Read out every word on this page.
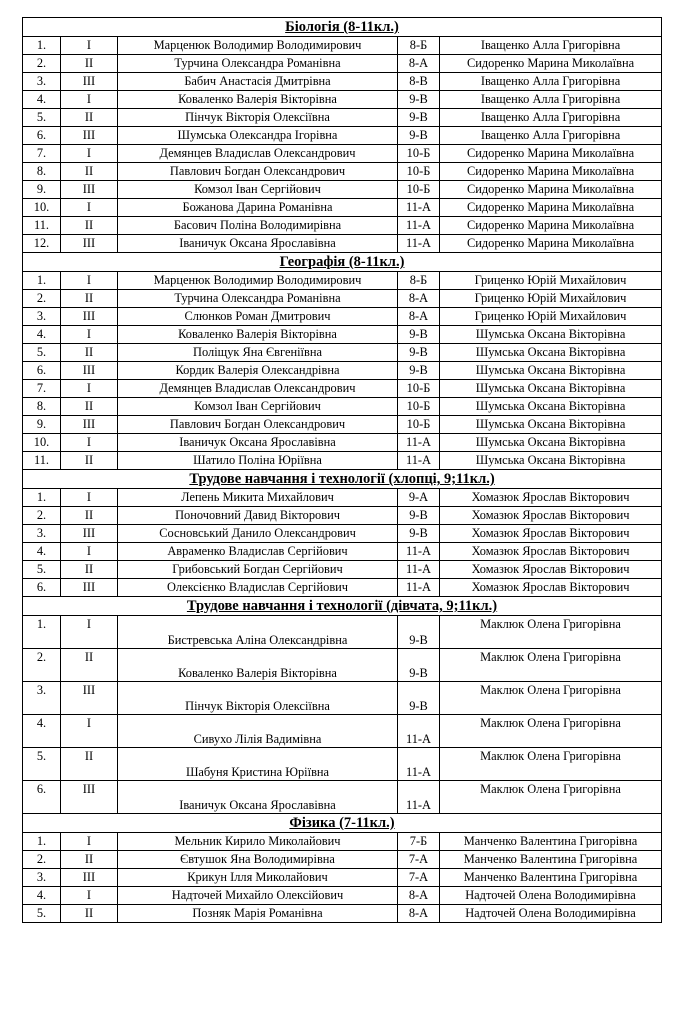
Біологія (8-11кл.)				
1.	I	Марценюк Володимир Володимирович	8-Б	Іващенко Алла Григорівна
2.	II	Турчина Олександра Романівна	8-А	Сидоренко Марина Миколаївна
3.	III	Бабич Анастасія Дмитрівна	8-В	Іващенко Алла Григорівна
4.	I	Коваленко Валерія Вікторівна	9-В	Іващенко Алла Григорівна
5.	II	Пінчук Вікторія Олексіївна	9-В	Іващенко Алла Григорівна
6.	III	Шумська Олександра Ігорівна	9-В	Іващенко Алла Григорівна
7.	I	Демянцев Владислав Олександрович	10-Б	Сидоренко Марина Миколаївна
8.	II	Павлович Богдан Олександрович	10-Б	Сидоренко Марина Миколаївна
9.	III	Комзол Іван Сергійович	10-Б	Сидоренко Марина Миколаївна
10.	I	Божанова Дарина Романівна	11-А	Сидоренко Марина Миколаївна
11.	II	Басович Поліна Володимирівна	11-А	Сидоренко Марина Миколаївна
12.	III	Іваничук Оксана Ярославівна	11-А	Сидоренко Марина Миколаївна
Географія (8-11кл.)				
1.	I	Марценюк Володимир Володимирович	8-Б	Гриценко Юрій Михайлович
2.	II	Турчина Олександра Романівна	8-А	Гриценко Юрій Михайлович
3.	III	Слюнков Роман Дмитрович	8-А	Гриценко Юрій Михайлович
4.	I	Коваленко Валерія Вікторівна	9-В	Шумська Оксана Вікторівна
5.	II	Поліщук Яна Євгеніївна	9-В	Шумська Оксана Вікторівна
6.	III	Кордик Валерія Олександрівна	9-В	Шумська Оксана Вікторівна
7.	I	Демянцев Владислав Олександрович	10-Б	Шумська Оксана Вікторівна
8.	II	Комзол Іван Сергійович	10-Б	Шумська Оксана Вікторівна
9.	III	Павлович Богдан Олександрович	10-Б	Шумська Оксана Вікторівна
10.	I	Іваничук Оксана Ярославівна	11-А	Шумська Оксана Вікторівна
11.	II	Шатило Поліна Юріївна	11-А	Шумська Оксана Вікторівна
Трудове навчання і технології (хлопці, 9;11кл.)				
1.	I	Лепень Микита Михайлович	9-А	Хомазюк Ярослав Вікторович
2.	II	Поночовний Давид Вікторович	9-В	Хомазюк Ярослав Вікторович
3.	III	Сосновський Данило Олександрович	9-В	Хомазюк Ярослав Вікторович
4.	I	Авраменко Владислав Сергійович	11-А	Хомазюк Ярослав Вікторович
5.	II	Грибовський Богдан Сергійович	11-А	Хомазюк Ярослав Вікторович
6.	III	Олексієнко Владислав Сергійович	11-А	Хомазюк Ярослав Вікторович
Трудове навчання і технології (дівчата, 9;11кл.)				
1.	I	Бистревська Аліна Олександрівна	9-В	Маклюк Олена Григорівна
2.	II	Коваленко Валерія Вікторівна	9-В	Маклюк Олена Григорівна
3.	III	Пінчук Вікторія Олексіївна	9-В	Маклюк Олена Григорівна
4.	I	Сивухо Лілія Вадимівна	11-А	Маклюк Олена Григорівна
5.	II	Шабуня Кристина Юріївна	11-А	Маклюк Олена Григорівна
6.	III	Іваничук Оксана Ярославівна	11-А	Маклюк Олена Григорівна
Фізика (7-11кл.)				
1.	I	Мельник Кирило Миколайович	7-Б	Манченко Валентина Григорівна
2.	II	Євтушок Яна Володимирівна	7-А	Манченко Валентина Григорівна
3.	III	Крикун Ілля Миколайович	7-А	Манченко Валентина Григорівна
4.	I	Надточей Михайло Олексійович	8-А	Надточей Олена Володимирівна
5.	II	Позняк Марія Романівна	8-А	Надточей Олена Володимирівна
